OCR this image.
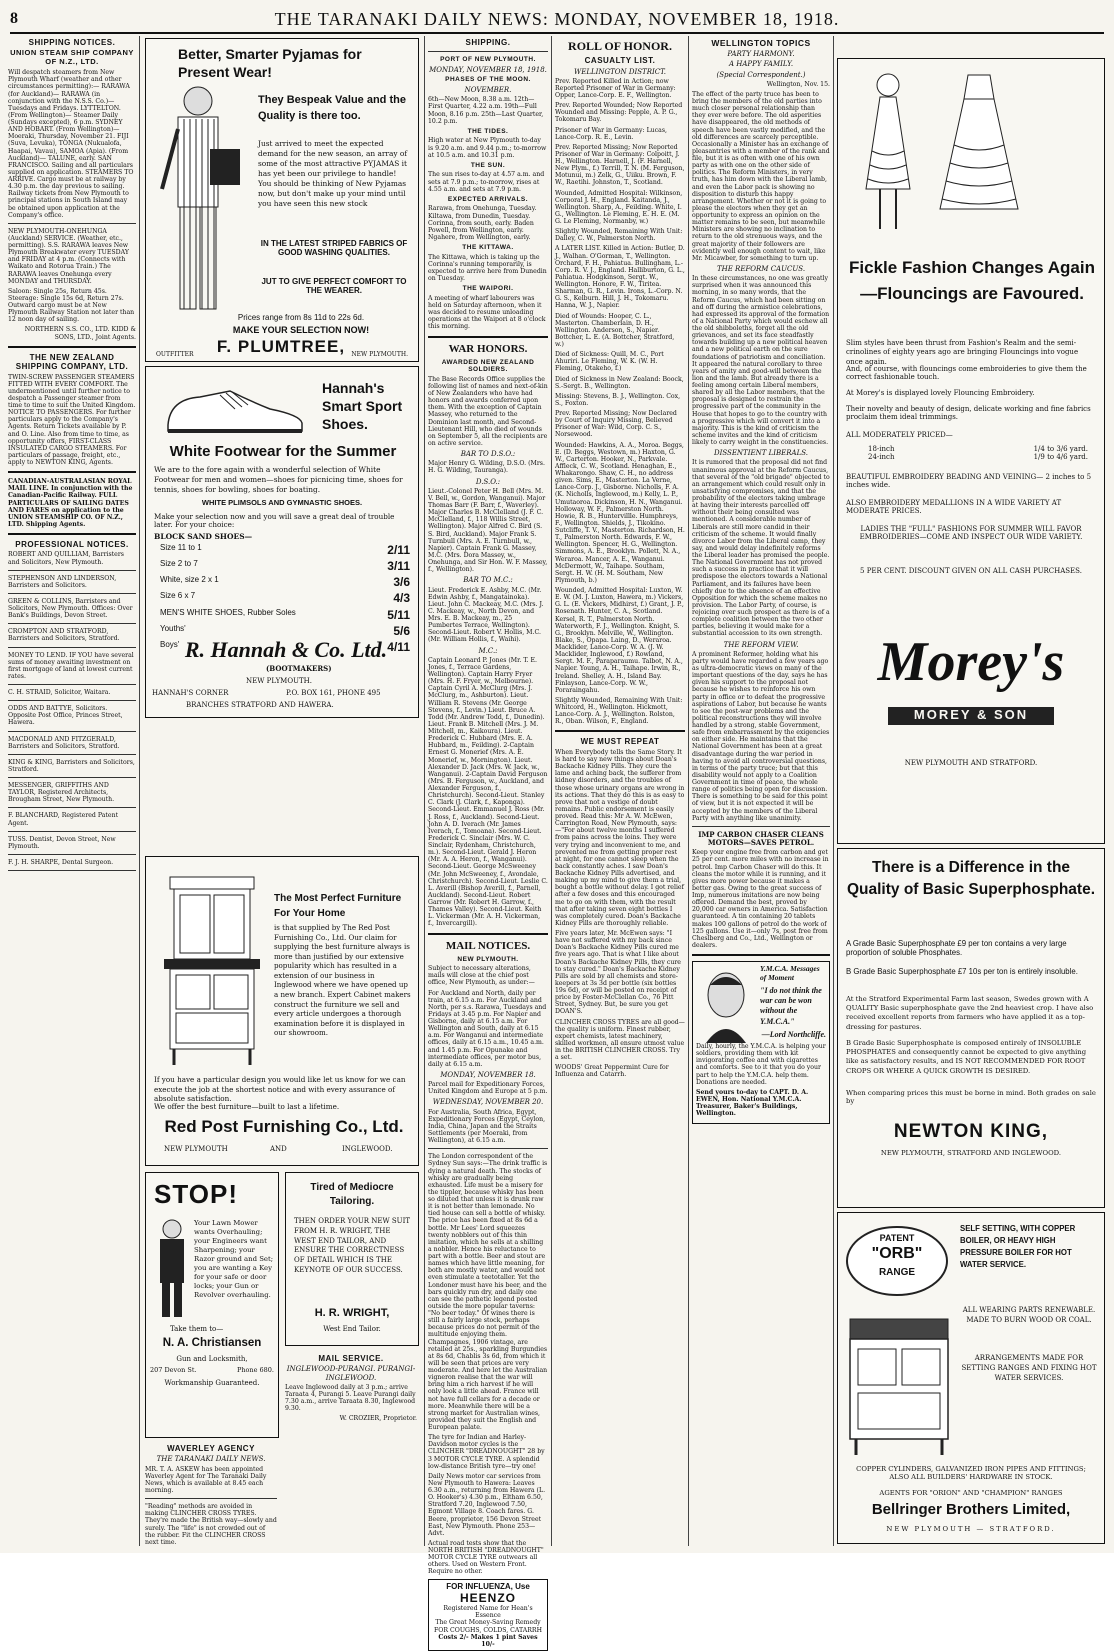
8	THE TARANAKI DAILY NEWS: MONDAY, NOVEMBER 18, 1918.
SHIPPING NOTICES.
UNION STEAM SHIP COMPANY OF N.Z., LTD.

Will despatch steamers from New Plymouth Wharf (weather and other circumstances permitting):— RARAWA (for Auckland)— RARAWA (in conjunction with the N.S.S. Co.)—Tuesdays and Fridays. LYTTELTON. (From Wellington)— Steamer Daily (Sundays excepted), 6 p.m. SYDNEY AND HOBART. (From Wellington)— Moeraki, Thursday, November 21. FIJI (Suva, Levuka), TONGA (Nukualofa, Haapai, Vavau), SAMOA (Apia). (From Auckland)— TALUNE, early. SAN FRANCISCO. Sailing and all particulars supplied on application. STEAMERS TO ARRIVE. Cargo must be at railway by 4.30 p.m. the day previous to sailing. Railway tickets from New Plymouth to principal stations in South Island may be obtained upon application at the Company's office.

NEW PLYMOUTH-ONEHUNGA (Auckland) SERVICE. (Weather, etc., permitting). S.S. RARAWA leaves New Plymouth Breakwater every TUESDAY and FRIDAY at 4 p.m. (Connects with Waikato and Rotorua Train.) The RARAWA leaves Onehunga every MONDAY and THURSDAY.

Saloon: Single 25s, Return 45s. Steerage: Single 15s 6d, Return 27s. Outward cargo must be at New Plymouth Railway Station not later than 12 noon day of sailing.

NORTHERN S.S. CO., LTD. KIDD & SONS, LTD., Joint Agents.

THE NEW ZEALAND SHIPPING COMPANY, LTD.

TWIN-SCREW PASSENGER STEAMERS FITTED WITH EVERY COMFORT. The undermentioned until further notice to despatch a Passenger steamer from time to time to suit the United Kingdom. NOTICE TO PASSENGERS. For further particulars apply to the Company's Agents. Return Tickets available by P. and O. Line. Also from time to time, as opportunity offers, FIRST-CLASS INSULATED CARGO STEAMERS. For particulars of passage, freight, etc., apply to NEWTON KING, Agents.

CANADIAN-AUSTRALASIAN ROYAL MAIL LINE. In conjunction with the Canadian-Pacific Railway. FULL PARTICULARS OF SAILING DATES AND FARES on application to the UNION STEAMSHIP CO. OF N.Z., LTD. Shipping Agents.

PROFESSIONAL NOTICES.

ROBERT AND QUILLIAM, Barristers and Solicitors, New Plymouth.

STEPHENSON AND LINDERSON, Barristers and Solicitors.

GREEN & COLLINS, Barristers and Solicitors, New Plymouth. Offices: Over Bank's Buildings, Devon Street.

CROMPTON AND STRATFORD, Barristers and Solicitors, Stratford.

MONEY TO LEND. IF YOU have several sums of money awaiting investment on first mortgage of land at lowest current rates.

C. H. STRAID, Solicitor, Waitara.

ODDS AND BATTYE, Solicitors. Opposite Post Office, Princes Street, Hawera.

MACDONALD AND FITZGERALD, Barristers and Solicitors, Stratford.

KING & KING, Barristers and Solicitors, Stratford.

MESSENGER, GRIFFITHS AND TAYLOR, Registered Architects, Brougham Street, New Plymouth.

F. BLANCHARD, Registered Patent Agent.

TUSS. Dentist, Devon Street, New Plymouth.

F. J. H. SHARPE, Dental Surgeon.

Better, Smarter Pyjamas for Present Wear!
They Bespeak Value and the Quality is there too.

Just arrived to meet the expected demand for the new season, an array of some of the most attractive PYJAMAS it has yet been our privilege to handle! You should be thinking of New Pyjamas now, but don't make up your mind until you have seen this new stock

IN THE LATEST STRIPED FABRICS OF GOOD WASHING QUALITIES.
JUT TO GIVE PERFECT COMFORT TO THE WEARER.
Prices range from 8s 11d to 22s 6d.
MAKE YOUR SELECTION NOW!
F. PLUMTREE,
OUTFITTER	NEW PLYMOUTH.
Hannah's Smart Sport Shoes.
White Footwear for the Summer

We are to the fore again with a wonderful selection of White Footwear for men and women—shoes for picnicing time, shoes for tennis, shoes for bowling, shoes for boating.

WHITE PLIMSOLS AND GYMNASTIC SHOES.

Make your selection now and you will save a great deal of trouble later. For your choice:

BLOCK SAND SHOES—
Size 11 to 1	2/11
Size 2 to 7	3/11
White, size 2 x 1	3/6
Size 6 x 7	4/3
MEN'S WHITE SHOES, Rubber Soles	5/11
Youths'	5/6
Boys'	4/11
R. Hannah & Co. Ltd.
(BOOTMAKERS)
NEW PLYMOUTH.
HANNAH'S CORNER	P.O. BOX 161, PHONE 495
BRANCHES STRATFORD AND HAWERA.
The Most Perfect Furniture For Your Home

is that supplied by The Red Post Furnishing Co., Ltd. Our claim for supplying the best furniture always is more than justified by our extensive popularity which has resulted in a extension of our business in Inglewood where we have opened up a new branch. Expert Cabinet makers construct the furniture we sell and every article undergoes a thorough examination before it is displayed in our showroom.

If you have a particular design you would like let us know for we can execute the job at the shortest notice and with every assurance of absolute satisfaction.

We offer the best furniture—built to last a lifetime.

Red Post Furnishing Co., Ltd.
NEW PLYMOUTH	AND	INGLEWOOD.
STOP!

Your Lawn Mower wants Overhauling; your Engineers want Sharpening; your Razor ground and Set; you are wanting a Key for your safe or door locks; your Gun or Revolver overhauling.

Take them to—

N. A. Christiansen
Gun and Locksmith,
207 Devon St.	Phone 680.
Workmanship Guaranteed.
Tired of Mediocre Tailoring.

THEN ORDER YOUR NEW SUIT FROM H. R. WRIGHT, THE WEST END TAILOR, AND ENSURE THE CORRECTNESS OF DETAIL WHICH IS THE KEYNOTE OF OUR SUCCESS.

H. R. WRIGHT,
West End Tailor.
MAIL SERVICE.
INGLEWOOD-PURANGI. PURANGI-INGLEWOOD.

Leave Inglewood daily at 3 p.m.; arrive Taraata 4, Purangi 5. Leave Purangi daily 7.30 a.m., arrive Taraata 8.30, Inglewood 9.30.

W. CROZIER, Proprietor.

WAVERLEY AGENCY
THE TARANAKI DAILY NEWS.

MR. T. A. ASKEW has been appointed Waverley Agent for The Taranaki Daily News, which is available at 8.45 each morning.

"Reading" methods are avoided in making CLINCHER CROSS TYRES. They're made the British way—slowly and surely. The "life" is not crowded out of the rubber. Fit the CLINCHER CROSS next time.

SHIPPING.
PORT OF NEW PLYMOUTH.
MONDAY, NOVEMBER 18, 1918.
PHASES OF THE MOON.
NOVEMBER.

6th—New Moon, 8.38 a.m. 12th—First Quarter, 4.22 a.m. 19th—Full Moon, 8.16 p.m. 25th—Last Quarter, 10.2 p.m.

THE TIDES.

High water at New Plymouth to-day is 9.20 a.m. and 9.44 p.m.; to-morrow at 10.5 a.m. and 10.31 p.m.

THE SUN.

The sun rises to-day at 4.57 a.m. and sets at 7.9 p.m.; to-morrow, rises at 4.55 a.m. and sets at 7.9 p.m.

EXPECTED ARRIVALS.

Rarawa, from Onehunga, Tuesday. Kiltawa, from Dunedin, Tuesday. Corinna, from south, early. Baden Powell, from Wellington, early. Ngahere, from Wellington, early.

THE KITTAWA.

The Kittawa, which is taking up the Corinna's running temporarily, is expected to arrive here from Dunedin on Tuesday.

THE WAIPORI.

A meeting of wharf labourers was held on Saturday afternoon, when it was decided to resume unloading operations at the Waipori at 8 o'clock this morning.

WAR HONORS.
AWARDED NEW ZEALAND SOLDIERS.

The Base Records Office supplies the following list of names and next-of-kin of New Zealanders who have had honors and awards conferred upon them. With the exception of Captain Massey, who returned to the Dominion last month, and Second-Lieutenant Hill, who died of wounds on September 5, all the recipients are on active service.

BAR TO D.S.O.:

Major Henry G. Wilding, D.S.O. (Mrs. H. G. Wilding, Tauranga).

D.S.O.:

Lieut.-Colonel Peter H. Bell (Mrs. M. V. Bell, w., Gordon, Wanganui). Major Thomas Barr (F. Barr, f., Waverley). Major Charles B. McClelland (J. F. C. McClelland, f., 118 Willis Street, Wellington). Major Alfred C. Bird (S. S. Bird, Auckland). Major Frank S. Turnbull (Mrs. A. E. Turnbull, w., Napier). Captain Frank G. Massey, M.C. (Mrs. Dora Massey, w., Onehunga, and Sir Hon. W. F. Massey, f., Wellington).

BAR TO M.C.:

Lieut. Frederick E. Ashby, M.C. (Mr. Edwin Ashby, f., Mangatainoka). Lieut. John C. Mackeay, M.C. (Mrs. J. C. Mackeay, w., North Devon, and Mrs. E. B. Mackeay, m., 25 Pumbertes Terrace, Wellington). Second-Lieut. Robert V. Hollis, M.C. (Mr. William Hollis, f., Waihi).

M.C.:

Captain Leonard P. Jones (Mr. T. E. Jones, f., Terrace Gardens, Wellington). Captain Harry Fryer (Mrs. H. F. Fryer, w., Melbourne). Captain Cyril A. McClurg (Mrs. J. McClurg, m., Ashburton). Lieut. William R. Stevens (Mr. George Stevens, f., Levin.) Lieut. Bruce A. Todd (Mr. Andrew Todd, f., Dunedin). Lieut. Frank B. Mitchell (Mrs. J. M. Mitchell, m., Kaikoura). Lieut. Frederick C. Hubbard (Mrs. E. A. Hubbard, m., Feilding). 2-Captain Ernest G. Monerief (Mrs. A. E. Monerief, w., Mornington). Lieut. Alexander D. Jack (Mrs. W. Jack, w., Wanganui). 2-Captain David Ferguson (Mrs. B. Ferguson, w., Auckland, and Alexander Ferguson, f., Christchurch). Second-Lieut. Stanley C. Clark (J. Clark, f., Kaponga). Second-Lieut. Emmanuel J. Ross (Mr. J. Ross, f., Auckland). Second-Lieut. John A. D. Iverach (Mr. James Iverach, f., Tomoana). Second-Lieut. Frederick C. Sinclair (Mrs. W. C. Sinclair, Rydenham, Christchurch, m.). Second-Lieut. Gerald J. Heron (Mr. A. A. Heron, f., Wanganui). Second-Lieut. George McSweeney (Mr. John McSweeney, f., Avondale, Christchurch). Second-Lieut. Leslie C. L. Averill (Bishop Averill, f., Parnell, Auckland). Second-Lieut. Robert Garrow (Mr. Robert H. Garrow, f., Thames Valley). Second-Lieut. Keith L. Vickerman (Mr. A. H. Vickerman, f., Invercargill).

MAIL NOTICES.
NEW PLYMOUTH.

Subject to necessary alterations, mails will close at the chief post office, New Plymouth, as under:—

For Auckland and North, daily per train, at 6.15 a.m. For Auckland and North, per s.s. Rarawa, Tuesdays and Fridays at 3.45 p.m. For Napier and Gisborne, daily at 6.15 a.m. For Wellington and South, daily at 6.15 a.m. For Wanganui and intermediate offices, daily at 6.15 a.m., 10.45 a.m. and 1.45 p.m. For Opunake and intermediate offices, per motor bus, daily at 6.15 a.m.

MONDAY, NOVEMBER 18.

Parcel mail for Expeditionary Forces, United Kingdom and Europe at 5 p.m.

WEDNESDAY, NOVEMBER 20.

For Australia, South Africa, Egypt, Expeditionary Forces (Egypt, Ceylon, India, China, Japan and the Straits Settlements (per Moeraki, from Wellington), at 6.15 a.m.

The London correspondent of the Sydney Sun says:—The drink traffic is dying a natural death. The stocks of whisky are gradually being exhausted. Life must be a misery for the tippler, because whisky has been so diluted that unless it is drunk raw it is not better than lemonade. No tied house can sell a bottle of whisky. The price has been fixed at 8s 6d a bottle. Mr Lees' Lord squeezes twenty nobblers out of this thin imitation, which he sells at a shilling a nobbler. Hence his reluctance to part with a bottle. Beer and stout are names which have little meaning, for both are mostly water, and would not even stimulate a teetotaller. Yet the Londoner must have his beer, and the bars quickly run dry, and daily one can see the pathetic legend posted outside the more popular taverns: "No beer today." Of wines there is still a fairly large stock, perhaps because prices do not permit of the multitude enjoying them. Champagnes, 1906 vintage, are retailed at 25s., sparkling Burgundies at 8s 6d, Chablis 3s 6d, from which it will be seen that prices are very moderate. And here let the Australian vigneron realise that the war will bring him a rich harvest if he will only look a little ahead. France will not have full cellars for a decade or more. Meanwhile there will be a strong market for Australian wines, provided they suit the English and European palate.

The tyre for Indian and Harley-Davidson motor cycles is the CLINCHER "DREADNOUGHT" 28 by 3 MOTOR CYCLE TYRE. A splendid low-distance British tyre—try one!

Daily News motor car services from New Plymouth to Hawera: Leaves 6.30 a.m., returning from Hawera (L. O. Hooker's) 4.30 p.m., Eltham 6.50, Stratford 7.20, Inglewood 7.50, Egmont Village 8. Coach fares. G. Beere, proprietor, 156 Devon Street East, New Plymouth. Phone 253—Advt.

Actual road tests show that the NORTH BRITISH "DREADNOUGHT" MOTOR CYCLE TYRE outwears all others. Used on Western Front. Require no other.

FOR INFLUENZA, Use
HEENZO
Registered Name for Hean's Essence
The Great Money-Saving Remedy FOR COUGHS, COLDS, CATARRH
Costs 2/- Makes 1 pint Saves 10/-
ROLL OF HONOR.
CASUALTY LIST.
WELLINGTON DISTRICT.

Prev. Reported Killed in Action; now Reported Prisoner of War in Germany: Opper, Lance-Corp. E. F., Wellington.

Prev. Reported Wounded; Now Reported Wounded and Missing: Pepple, A. P. G., Tokomaru Bay.

Prisoner of War in Germany: Lucas, Lance-Corp. R. E., Levin.

Prev. Reported Missing; Now Reported Prisoner of War in Germany: Colpoitt, J. H., Wellington. Harnell, J. (F. Harnell, New Plym., f.) Terrill, T. N. (M. Ferguson, Motunui, m.) Zelk, G., Uiiku. Brown, F. W., Raetihi. Johnston, T., Scotland.

Wounded, Admitted Hospital: Wilkinson, Corporal J. H., England. Kaitanda, J., Wellington. Sharp, A., Feilding. White, I. G., Wellington. Le Fleming, E. H. E. (M. G. Le Fleming, Normanby, w.)

Slightly Wounded, Remaining With Unit: Dalley, C. W., Palmerston North.

A LATER LIST. Killed in Action: Butler, D. J., Walhan. O'Gorman, T., Wellington. Orchard, F. H., Pahiatua. Bullingham, L.-Corp. R. V. J., England. Halliburton, G. L., Pahiatua. Hodgkinson, Sergt. W., Wellington. Honore, F. W., Tiritea. Sharman, G. R., Levin. Irons, L.-Corp. N. G. S., Kelburn. Hill, J. H., Tokomaru. Hanna, W. J., Napier.

Died of Wounds: Hooper, C. L., Masterton. Chamberlain, D. H., Wellington. Anderson, S., Napier. Bottcher, L. E. (A. Bottcher, Stratford, w.)

Died of Sickness: Quill, M. C., Port Ahuriri. Le Fleming, W. K. (W. H. Fleming, Otakeho, f.)

Died of Sickness in New Zealand: Boock, S.-Sergt. B., Wellington.

Missing: Stevens, B. J., Wellington. Cox, S., Foxton.

Prev. Reported Missing; Now Declared by Court of Inquiry Missing, Believed Prisoner of War: Wild, Corp. C. S., Norsewood.

Wounded: Hawkins, A. A., Moroa. Beggs, E. (D. Beggs, Westown, m.) Haxton, G. W., Carterton. Hooker, N., Parkvale. Affleck, C. W., Scotland. Henaghan, E., Whakarongo. Shaw, C. H., no address given. Sims, E., Masterton. La Verne, Lance-Corp. J., Gisborne. Nicholls, F. A. (K. Nicholls, Inglewood, m.) Kelly, L. P., Umutaoroa. Dickinson, H. N., Wanganui. Holloway, W. F., Palmerston North. Howie, R. B., Huntervillle. Humphreys, F., Wellington. Shields, J., Tikokino. Sutcliffe, T. V., Masterton. Richardson, H. T., Palmerston North. Edwards, F. W., Wellington. Spencer, H. G., Wellington. Simmons, A. E., Brooklyn. Pollett, N. A., Weraroa. Mancer, A. E., Wanganui. McDermott, W., Taihape. Southam, Sergt. H. W. (H. M. Southam, New Plymouth, b.)

Wounded, Admitted Hospital: Luxton, W. E. W. (M. J. Luxton, Hawera, m.) Vickers, G. L. (E. Vickers, Midhirst, f.) Grant, J. P., Rosenath. Hunter, C. A., Scotland. Kersel, R. T., Palmerston North. Waterworth, F. J., Wellington. Knight, S. G., Brooklyn. Melville, W., Wellington. Blake, S., Opapa. Laing, D., Weraroa. Macklider, Lance-Corp. W. A. (J. W. Macklider, Inglewood, f.) Rowland, Sergt. M. F., Paraparaumu. Talbot, N. A., Napier. Young, A. H., Taihape. Irwin, R., Ireland. Shelley, A. H., Island Bay. Finlayson, Lance-Corp. W. W., Poraraingahu.

Slightly Wounded, Remaining With Unit: Whitcord, H., Wellington. Hickmott, Lance-Corp. A. J., Wellington. Rolston, R., Oban. Wilson, F., England.

WE MUST REPEAT

When Everybody tells the Same Story. It is hard to say new things about Doan's Backache Kidney Pills. They cure the lame and aching back, the sufferer from kidney disorders, and the troubles of those whose urinary organs are wrong in its actions. That they do this is as easy to prove that not a vestige of doubt remains. Public endorsement is easily proved. Read this: Mr A. W. McEwen, Carrington Road, New Plymouth, says:—"For about twelve months I suffered from pains across the loins. They were very trying and inconvenient to me, and prevented me from getting proper rest at night, for one cannot sleep when the back constantly aches. I saw Doan's Backache Kidney Pills advertised, and making up my mind to give them a trial, bought a bottle without delay. I got relief after a few doses and this encouraged me to go on with them, with the result that after taking seven eight bottles I was completely cured. Doan's Backache Kidney Pills are thoroughly reliable.

Five years later, Mr. McEwen says: "I have not suffered with my back since Doan's Backache Kidney Pills cured me five years ago. That is what I like about Doan's Backache Kidney Pills, they cure to stay cured." Doan's Backache Kidney Pills are sold by all chemists and store-keepers at 3s 3d per bottle (six bottles 19s 6d), or will be posted on receipt of price by Foster-McClellan Co., 76 Pitt Street, Sydney. But, be sure you get DOAN'S.

CLINCHER CROSS TYRES are all good—the quality is uniform. Finest rubber, expert chemists, latest machinery, skilled workmen, all ensure utmost value in the BRITISH CLINCHER CROSS. Try a set.

WOODS' Great Peppermint Cure for Influenza and Catarrh.

WELLINGTON TOPICS
PARTY HARMONY.
A HAPPY FAMILY.
(Special Correspondent.)

Wellington, Nov. 15.

The effect of the party truce has been to bring the members of the old parties into much closer personal relationship than they ever were before. The old asperities have disappeared, the old methods of speech have been vastly modified, and the old differences are scarcely perceptible. Occasionally a Minister has an exchange of pleasantries with a member of the rank and file, but it is as often with one of his own party as with one on the other side of politics. The Reform Ministers, in very truth, has him down with the Liberal lamb, and even the Labor pack is showing no disposition to disturb this happy arrangement. Whether or not it is going to please the electors when they get an opportunity to express an opinion on the matter remains to be seen, but meanwhile Ministers are showing no inclination to return to the old strenuous ways, and the great majority of their followers are evidently well enough content to wait, like Mr. Micawber, for something to turn up.

THE REFORM CAUCUS.

In these circumstances, no one was greatly surprised when it was announced this morning, in so many words, that the Reform Caucus, which had been sitting on and off during the armistice celebrations, had expressed its approval of the formation of a National Party which would eschew all the old shibboleths, forget all the old grievances, and set its face steadfastly towards building up a new political heaven and a new political earth on the sure foundations of patriotism and conciliation. It appeared the natural corollary to three years of amity and good-will between the lion and the lamb. But already there is a feeling among certain Liberal members, shared by all the Labor members, that the proposal is designed to restrain the progressive part of the community in the House that hopes to go to the country with a progressive which will convert it into a majority. This is the kind of criticism the scheme invites and the kind of criticism likely to carry weight in the constituencies.

DISSENTIENT LIBERALS.

It is rumored that the proposal did not find unanimous approval at the Reform Caucus, that several of the "old brigade" objected to an arrangement which could result only in unsatisfying compromises, and that the probability of the electors taking umbrage at having their interests parcelled off without their being consulted was mentioned. A considerable number of Liberals are still more candid in their criticism of the scheme. It would finally divorce Labor from the Liberal camp, they say, and would delay indefinitely reforms the Liberal leader has promised the people. The National Government has not proved such a success in practice that it will predispose the electors towards a National Parliament, and its failures have been chiefly due to the absence of an effective Opposition for which the scheme makes no provision. The Labor Party, of course, is rejoicing over such prospect as there is of a complete coalition between the two other parties, believing it would make for a substantial accession to its own strength.

THE REFORM VIEW.

A prominent Reformer, holding what his party would have regarded a few years ago as ultra-democratic views on many of the important questions of the day, says he has given his support to the proposal not because he wishes to reinforce his own party in office or to defeat the progressive aspirations of Labor, but because he wants to see the post-war problems and the political reconstructions they will involve handled by a strong, stable Government, safe from embarrassment by the exigencies on either side. He maintains that the National Government has been at a great disadvantage during the war period in having to avoid all controversial questions, in terms of the party truce; but that this disability would not apply to a Coalition Government in time of peace, the whole range of politics being open for discussion. There is something to be said for this point of view, but it is not expected it will be accepted by the members of the Liberal Party with anything like unanimity.

IMP CARBON CHASER CLEANS MOTORS—SAVES PETROL.

Keep your engine free from carbon and get 25 per cent. more miles with no increase in petrol. Imp Carbon Chaser will do this. It cleans the motor while it is running, and it gives more power because it makes a better gas. Owing to the great success of Imp, numerous imitations are now being offered. Demand the best, proved by 20,000 car owners in America. Satisfaction guaranteed. A tin containing 20 tablets makes 100 gallons of petrol do the work of 125 gallons. Use it—only 7s, post free from Cheslberg and Co., Ltd., Wellington or dealers.

Y.M.C.A. Messages of Moment

"I do not think the war can be won without the Y.M.C.A."

—Lord Northcliffe.

Daily, hourly, the Y.M.C.A. is helping your soldiers, providing them with kit invigorating coffee and with cigarettes and comforts. See to it that you do your part to help the Y.M.C.A. help them. Donations are needed.

Send yours to-day to CAPT. D. A. EWEN, Hon. National Y.M.C.A. Treasurer, Baker's Buildings, Wellington.

Fickle Fashion Changes Again—Flouncings are Favoured.

Slim styles have been thrust from Fashion's Realm and the semi-crinolines of eighty years ago are bringing Flouncings into vogue once again.

And, of course, with flouncings come embroideries to give them the correct fashionable touch.

At Morey's is displayed lovely Flouncing Embroidery.

Their novelty and beauty of design, delicate working and fine fabrics proclaim them ideal trimmings.

ALL MODERATELY PRICED—
18-inch	1/4 to 3/6 yard.
24-inch	1/9 to 4/6 yard.

BEAUTIFUL EMBROIDERY BEADING AND VEINING— 2 inches to 5 inches wide.

ALSO EMBROIDERY MEDALLIONS IN A WIDE VARIETY AT MODERATE PRICES.

LADIES THE "FULL" FASHIONS FOR SUMMER WILL FAVOR EMBROIDERIES—COME AND INSPECT OUR WIDE VARIETY.

5 PER CENT. DISCOUNT GIVEN ON ALL CASH PURCHASES.

Morey's
MOREY & SON
NEW PLYMOUTH AND STRATFORD.
There is a Difference in the Quality of Basic Superphosphate.

A Grade Basic Superphosphate £9 per ton contains a very large proportion of soluble Phosphates.

B Grade Basic Superphosphate £7 10s per ton is entirely insoluble.

At the Stratford Experimental Farm last season, Swedes grown with A QUALITY Basic superphosphate gave the 2nd heaviest crop. I have also received excellent reports from farmers who have applied it as a top-dressing for pastures.

B Grade Basic Superphosphate is composed entirely of INSOLUBLE PHOSPHATES and consequently cannot be expected to give anything like as satisfactory results, and IS NOT RECOMMENDED FOR ROOT CROPS OR WHERE A QUICK GROWTH IS DESIRED.

When comparing prices this must be borne in mind. Both grades on sale by

NEWTON KING,
NEW PLYMOUTH, STRATFORD AND INGLEWOOD.
PATENT
"ORB"
RANGE

SELF SETTING, WITH COPPER BOILER, OR HEAVY HIGH PRESSURE BOILER FOR HOT WATER SERVICE.

ALL WEARING PARTS RENEWABLE. MADE TO BURN WOOD OR COAL.

ARRANGEMENTS MADE FOR SETTING RANGES AND FIXING HOT WATER SERVICES.

COPPER CYLINDERS, GALVANIZED IRON PIPES AND FITTINGS; ALSO ALL BUILDERS' HARDWARE IN STOCK.

AGENTS FOR "ORION" AND "CHAMPION" RANGES

Bellringer Brothers Limited,
NEW PLYMOUTH — STRATFORD.
